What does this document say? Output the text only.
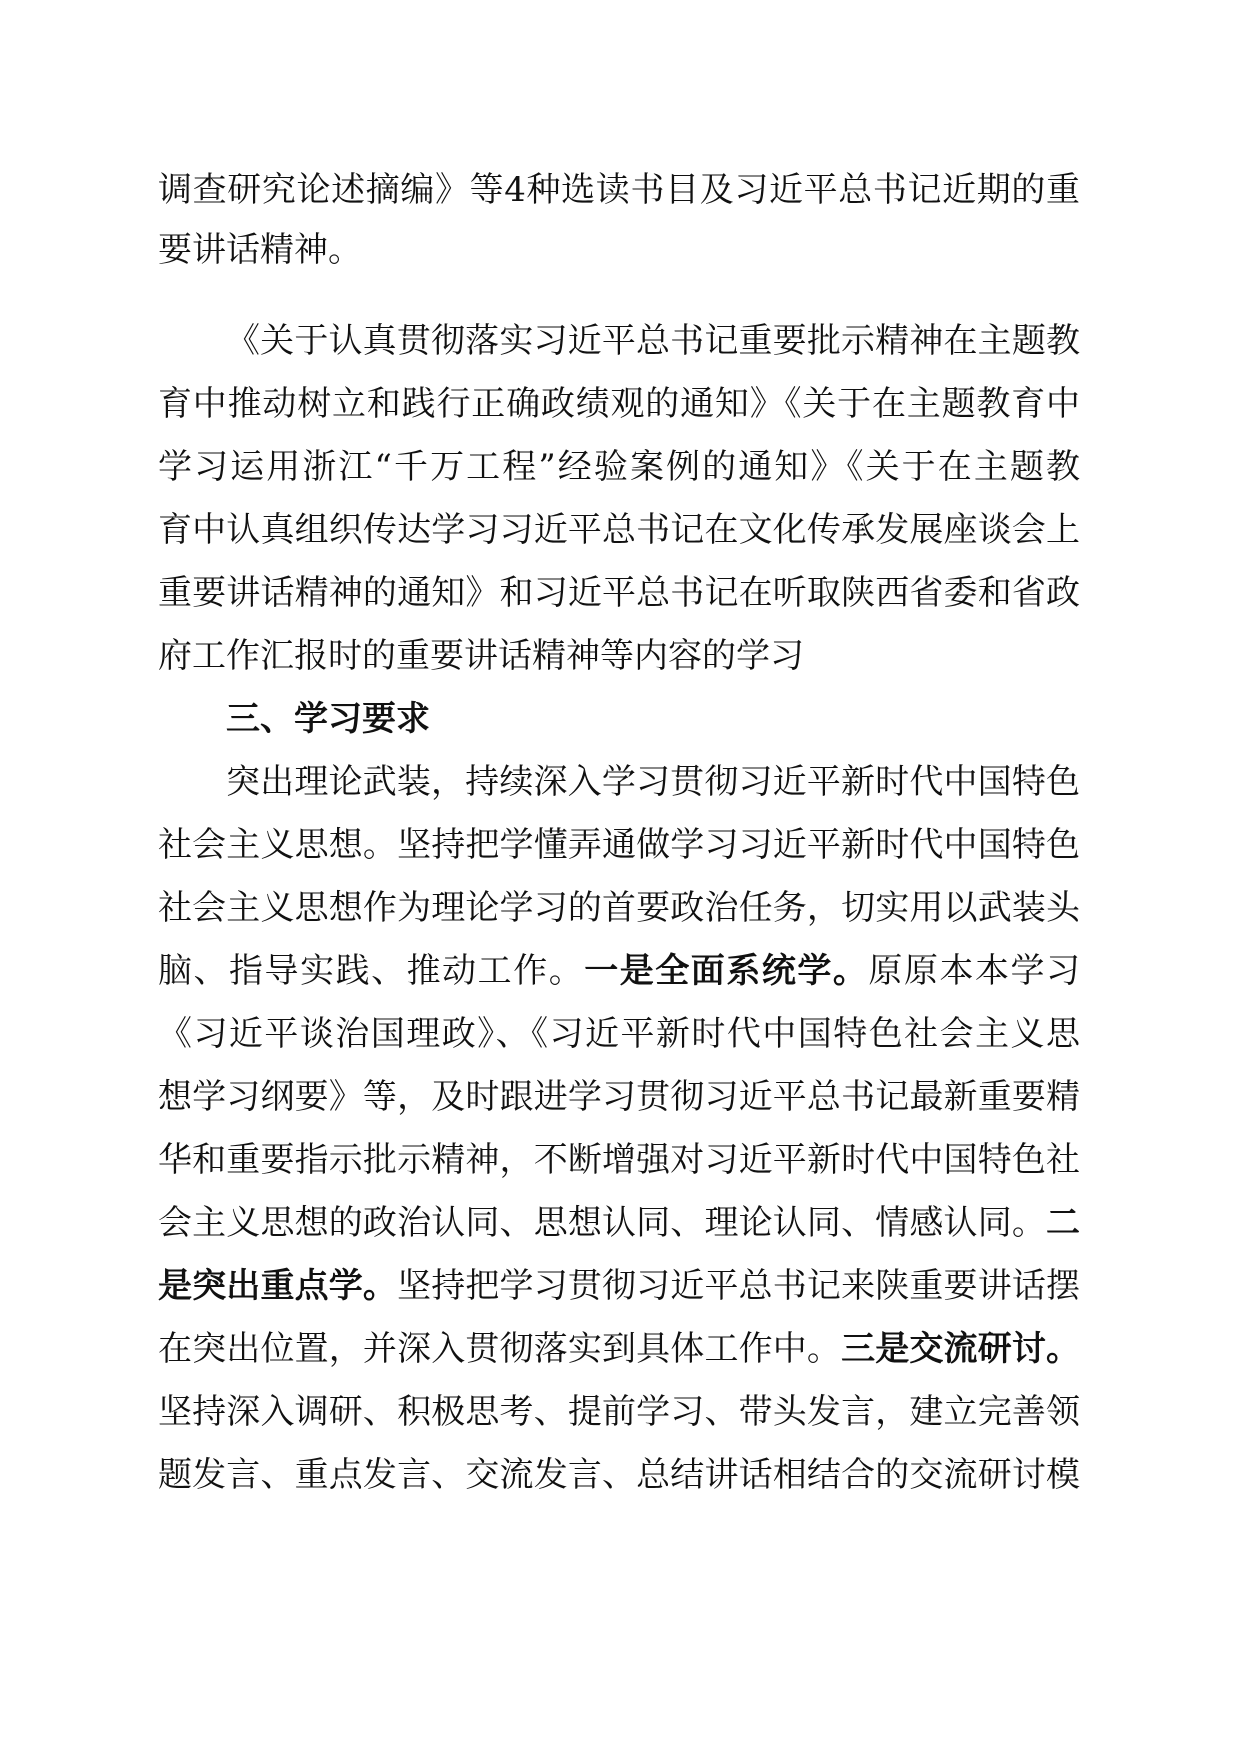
调查研究论述摘编》等4种选读书目及习近平总书记近期的重
要讲话精神。
《关于认真贯彻落实习近平总书记重要批示精神在主题教
育中推动树立和践行正确政绩观的通知》《关于在主题教育中
学习运用浙江“千万工程”经验案例的通知》《关于在主题教
育中认真组织传达学习习近平总书记在文化传承发展座谈会上
重要讲话精神的通知》和习近平总书记在听取陕西省委和省政
府工作汇报时的重要讲话精神等内容的学习
三、学习要求
突出理论武装，持续深入学习贯彻习近平新时代中国特色
社会主义思想。坚持把学懂弄通做学习习近平新时代中国特色
社会主义思想作为理论学习的首要政治任务，切实用以武装头
脑、指导实践、推动工作。一是全面系统学。原原本本学习
《习近平谈治国理政》、《习近平新时代中国特色社会主义思
想学习纲要》等，及时跟进学习贯彻习近平总书记最新重要精
华和重要指示批示精神，不断增强对习近平新时代中国特色社
会主义思想的政治认同、思想认同、理论认同、情感认同。二
是突出重点学。坚持把学习贯彻习近平总书记来陕重要讲话摆
在突出位置，并深入贯彻落实到具体工作中。三是交流研讨。
坚持深入调研、积极思考、提前学习、带头发言，建立完善领
题发言、重点发言、交流发言、总结讲话相结合的交流研讨模
